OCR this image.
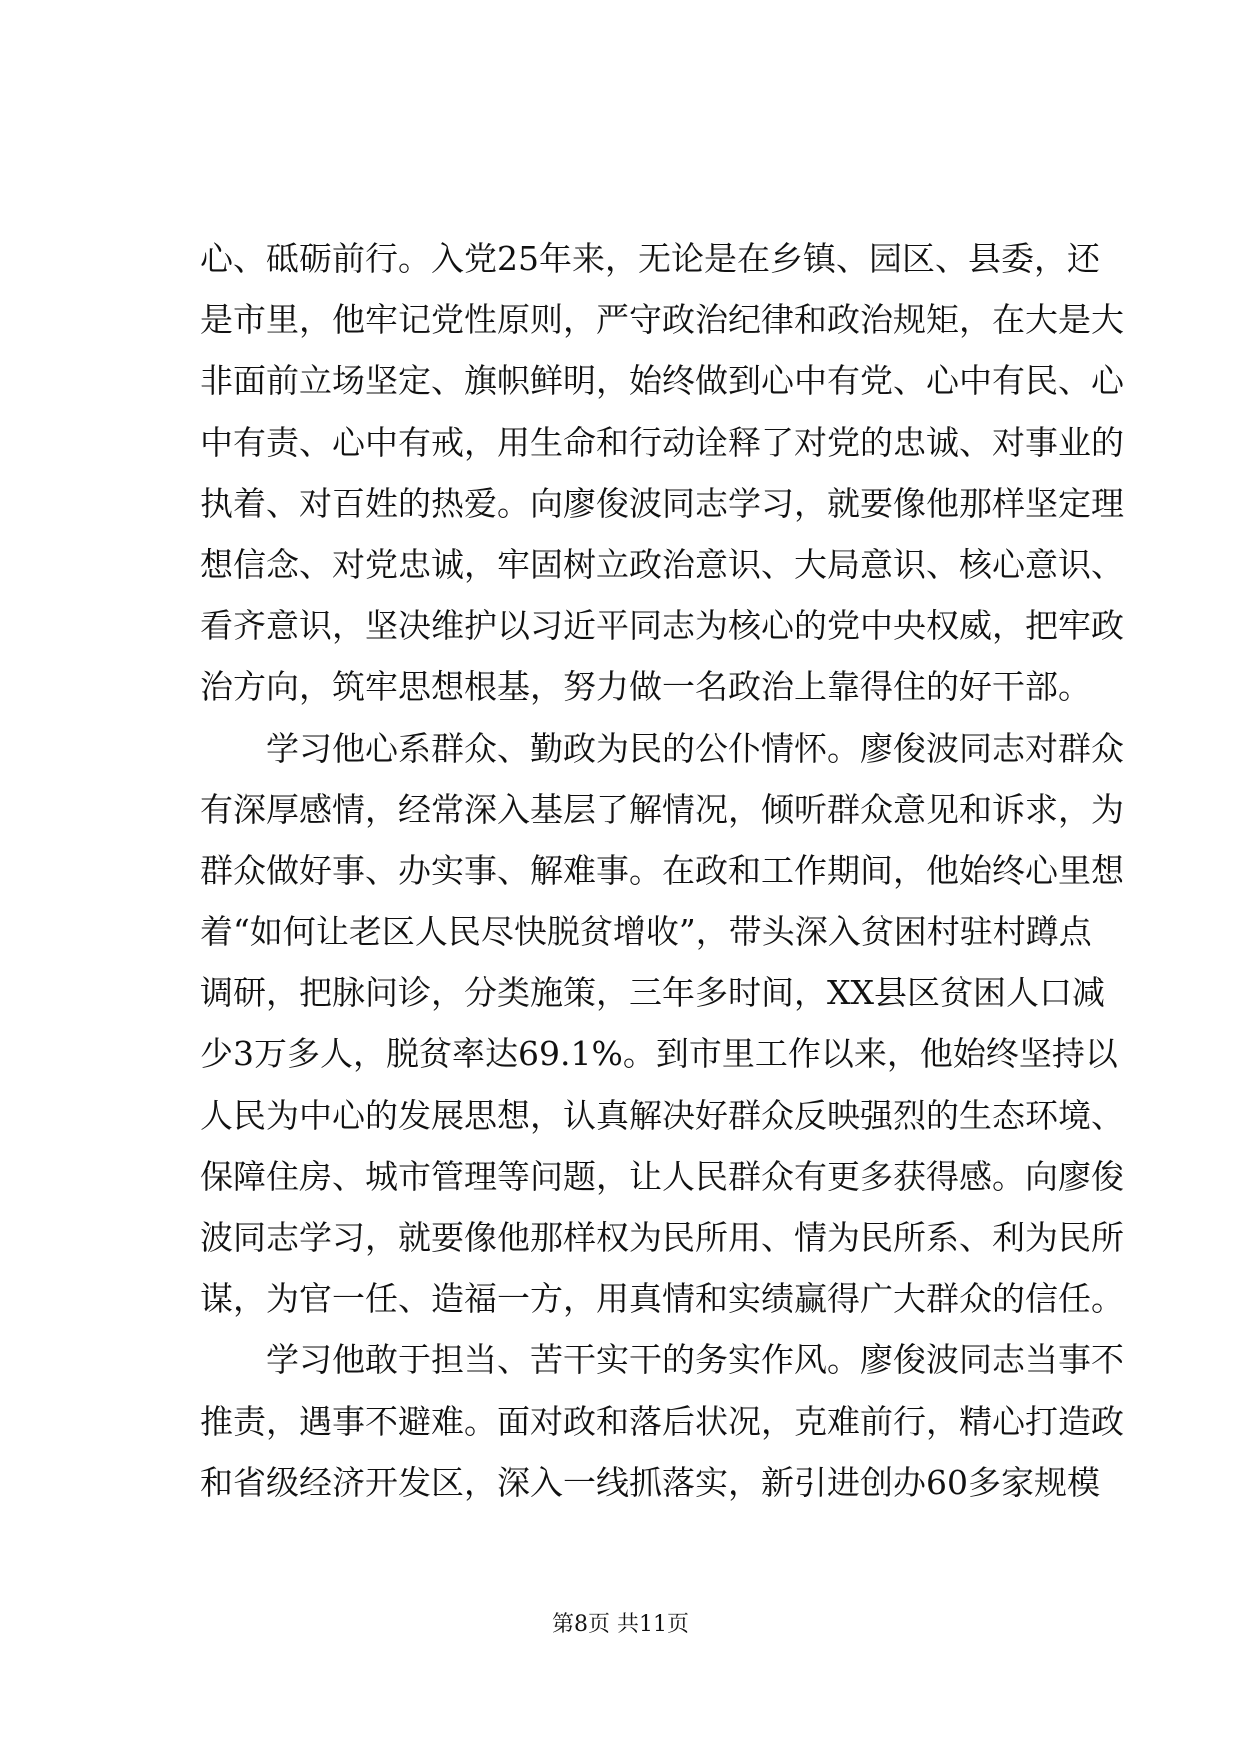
心、砥砺前行。入党25年来，无论是在乡镇、园区、县委，还
是市里，他牢记党性原则，严守政治纪律和政治规矩，在大是大
非面前立场坚定、旗帜鲜明，始终做到心中有党、心中有民、心
中有责、心中有戒，用生命和行动诠释了对党的忠诚、对事业的
执着、对百姓的热爱。向廖俊波同志学习，就要像他那样坚定理
想信念、对党忠诚，牢固树立政治意识、大局意识、核心意识、
看齐意识，坚决维护以习近平同志为核心的党中央权威，把牢政
治方向，筑牢思想根基，努力做一名政治上靠得住的好干部。
学习他心系群众、勤政为民的公仆情怀。廖俊波同志对群众
有深厚感情，经常深入基层了解情况，倾听群众意见和诉求，为
群众做好事、办实事、解难事。在政和工作期间，他始终心里想
着“如何让老区人民尽快脱贫增收”，带头深入贫困村驻村蹲点
调研，把脉问诊，分类施策，三年多时间，XX县区贫困人口减
少3万多人，脱贫率达69.1%。到市里工作以来，他始终坚持以
人民为中心的发展思想，认真解决好群众反映强烈的生态环境、
保障住房、城市管理等问题，让人民群众有更多获得感。向廖俊
波同志学习，就要像他那样权为民所用、情为民所系、利为民所
谋，为官一任、造福一方，用真情和实绩赢得广大群众的信任。
学习他敢于担当、苦干实干的务实作风。廖俊波同志当事不
推责，遇事不避难。面对政和落后状况，克难前行，精心打造政
和省级经济开发区，深入一线抓落实，新引进创办60多家规模
第8页 共11页
